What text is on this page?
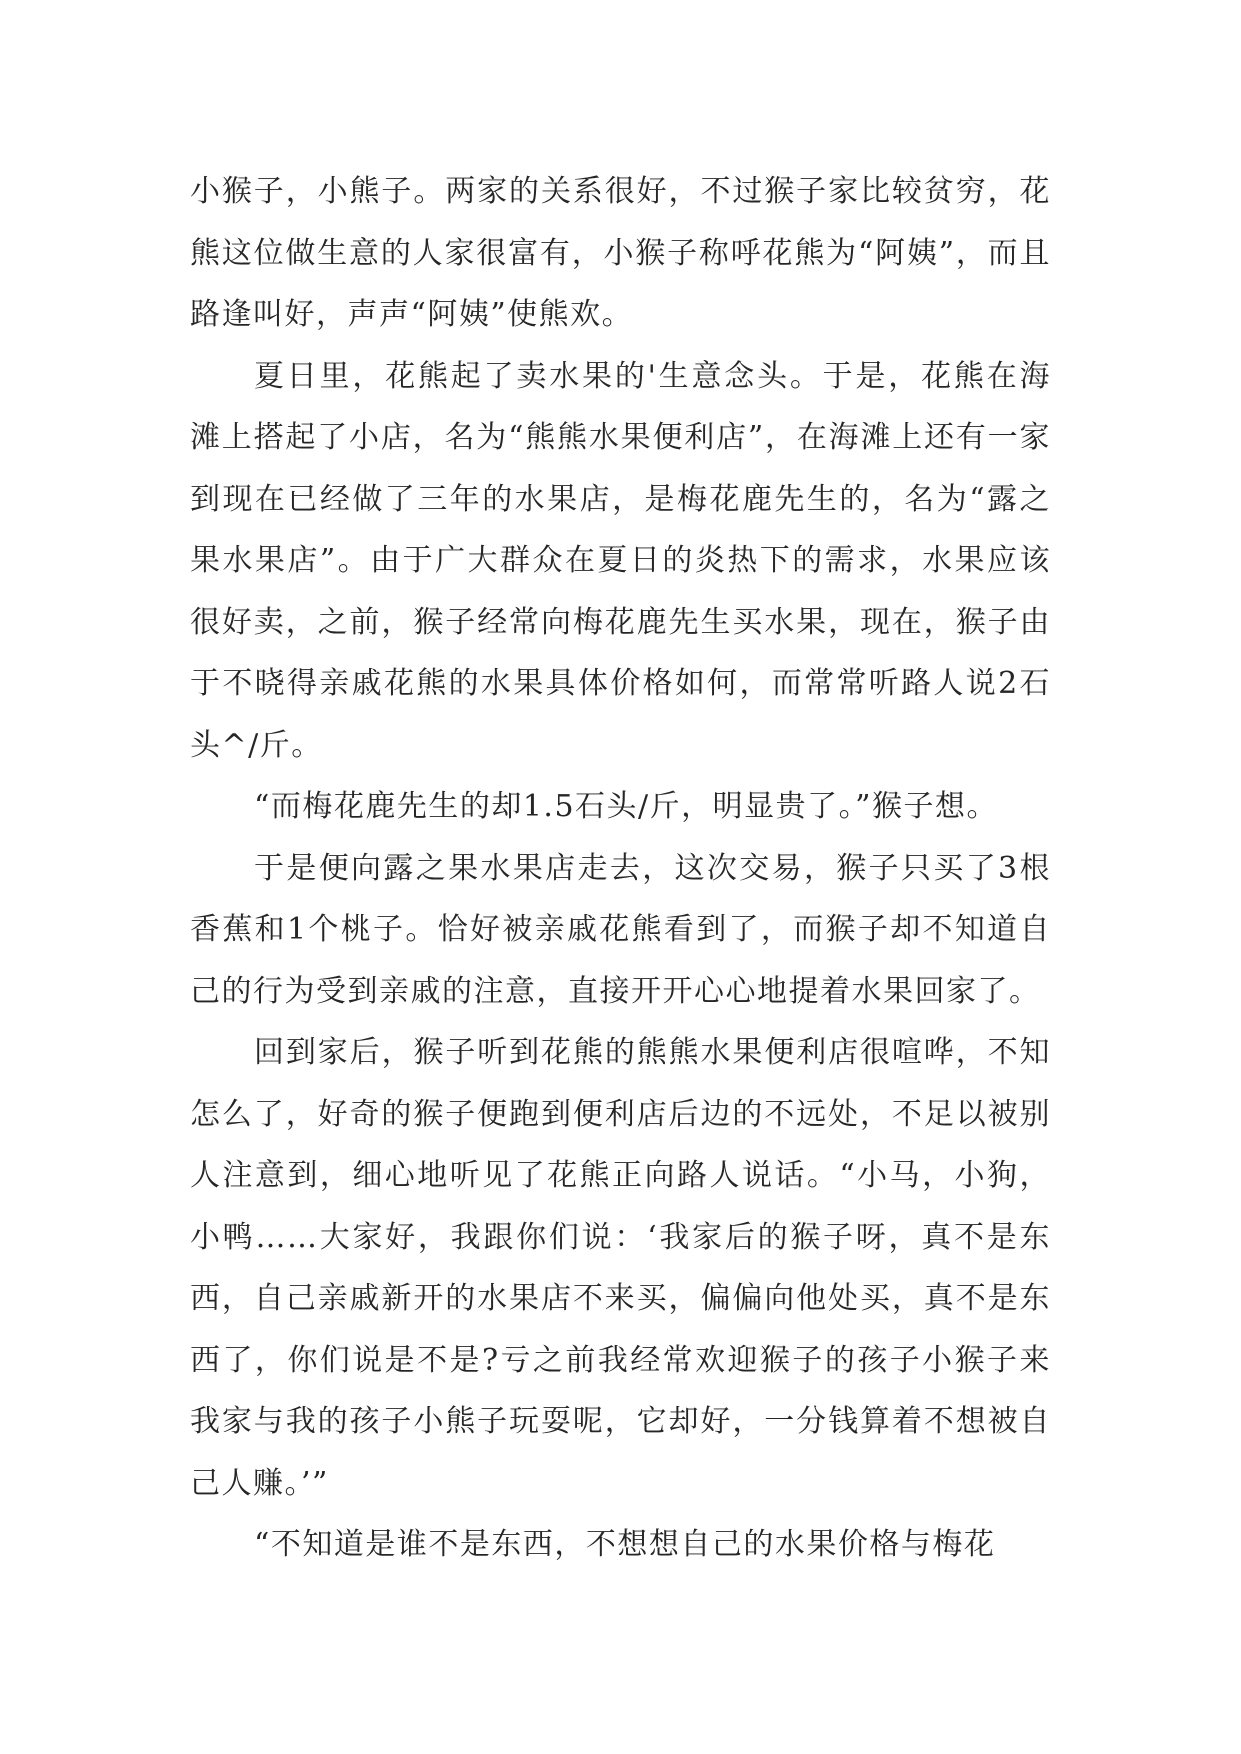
小猴子，小熊子。两家的关系很好，不过猴子家比较贫穷，花熊这位做生意的人家很富有，小猴子称呼花熊为“阿姨”，而且路逢叫好，声声“阿姨”使熊欢。

夏日里，花熊起了卖水果的'生意念头。于是，花熊在海滩上搭起了小店，名为“熊熊水果便利店”，在海滩上还有一家到现在已经做了三年的水果店，是梅花鹿先生的，名为“露之果水果店”。由于广大群众在夏日的炎热下的需求，水果应该很好卖，之前，猴子经常向梅花鹿先生买水果，现在，猴子由于不晓得亲戚花熊的水果具体价格如何，而常常听路人说2石头^/斤。

“而梅花鹿先生的却1.5石头/斤，明显贵了。”猴子想。

于是便向露之果水果店走去，这次交易，猴子只买了3根香蕉和1个桃子。恰好被亲戚花熊看到了，而猴子却不知道自己的行为受到亲戚的注意，直接开开心心地提着水果回家了。

回到家后，猴子听到花熊的熊熊水果便利店很喧哗，不知怎么了，好奇的猴子便跑到便利店后边的不远处，不足以被别人注意到，细心地听见了花熊正向路人说话。“小马，小狗，小鸭……大家好，我跟你们说：‘我家后的猴子呀，真不是东西，自己亲戚新开的水果店不来买，偏偏向他处买，真不是东西了，你们说是不是?亏之前我经常欢迎猴子的孩子小猴子来我家与我的孩子小熊子玩耍呢，它却好，一分钱算着不想被自己人赚。’”

“不知道是谁不是东西，不想想自己的水果价格与梅花
